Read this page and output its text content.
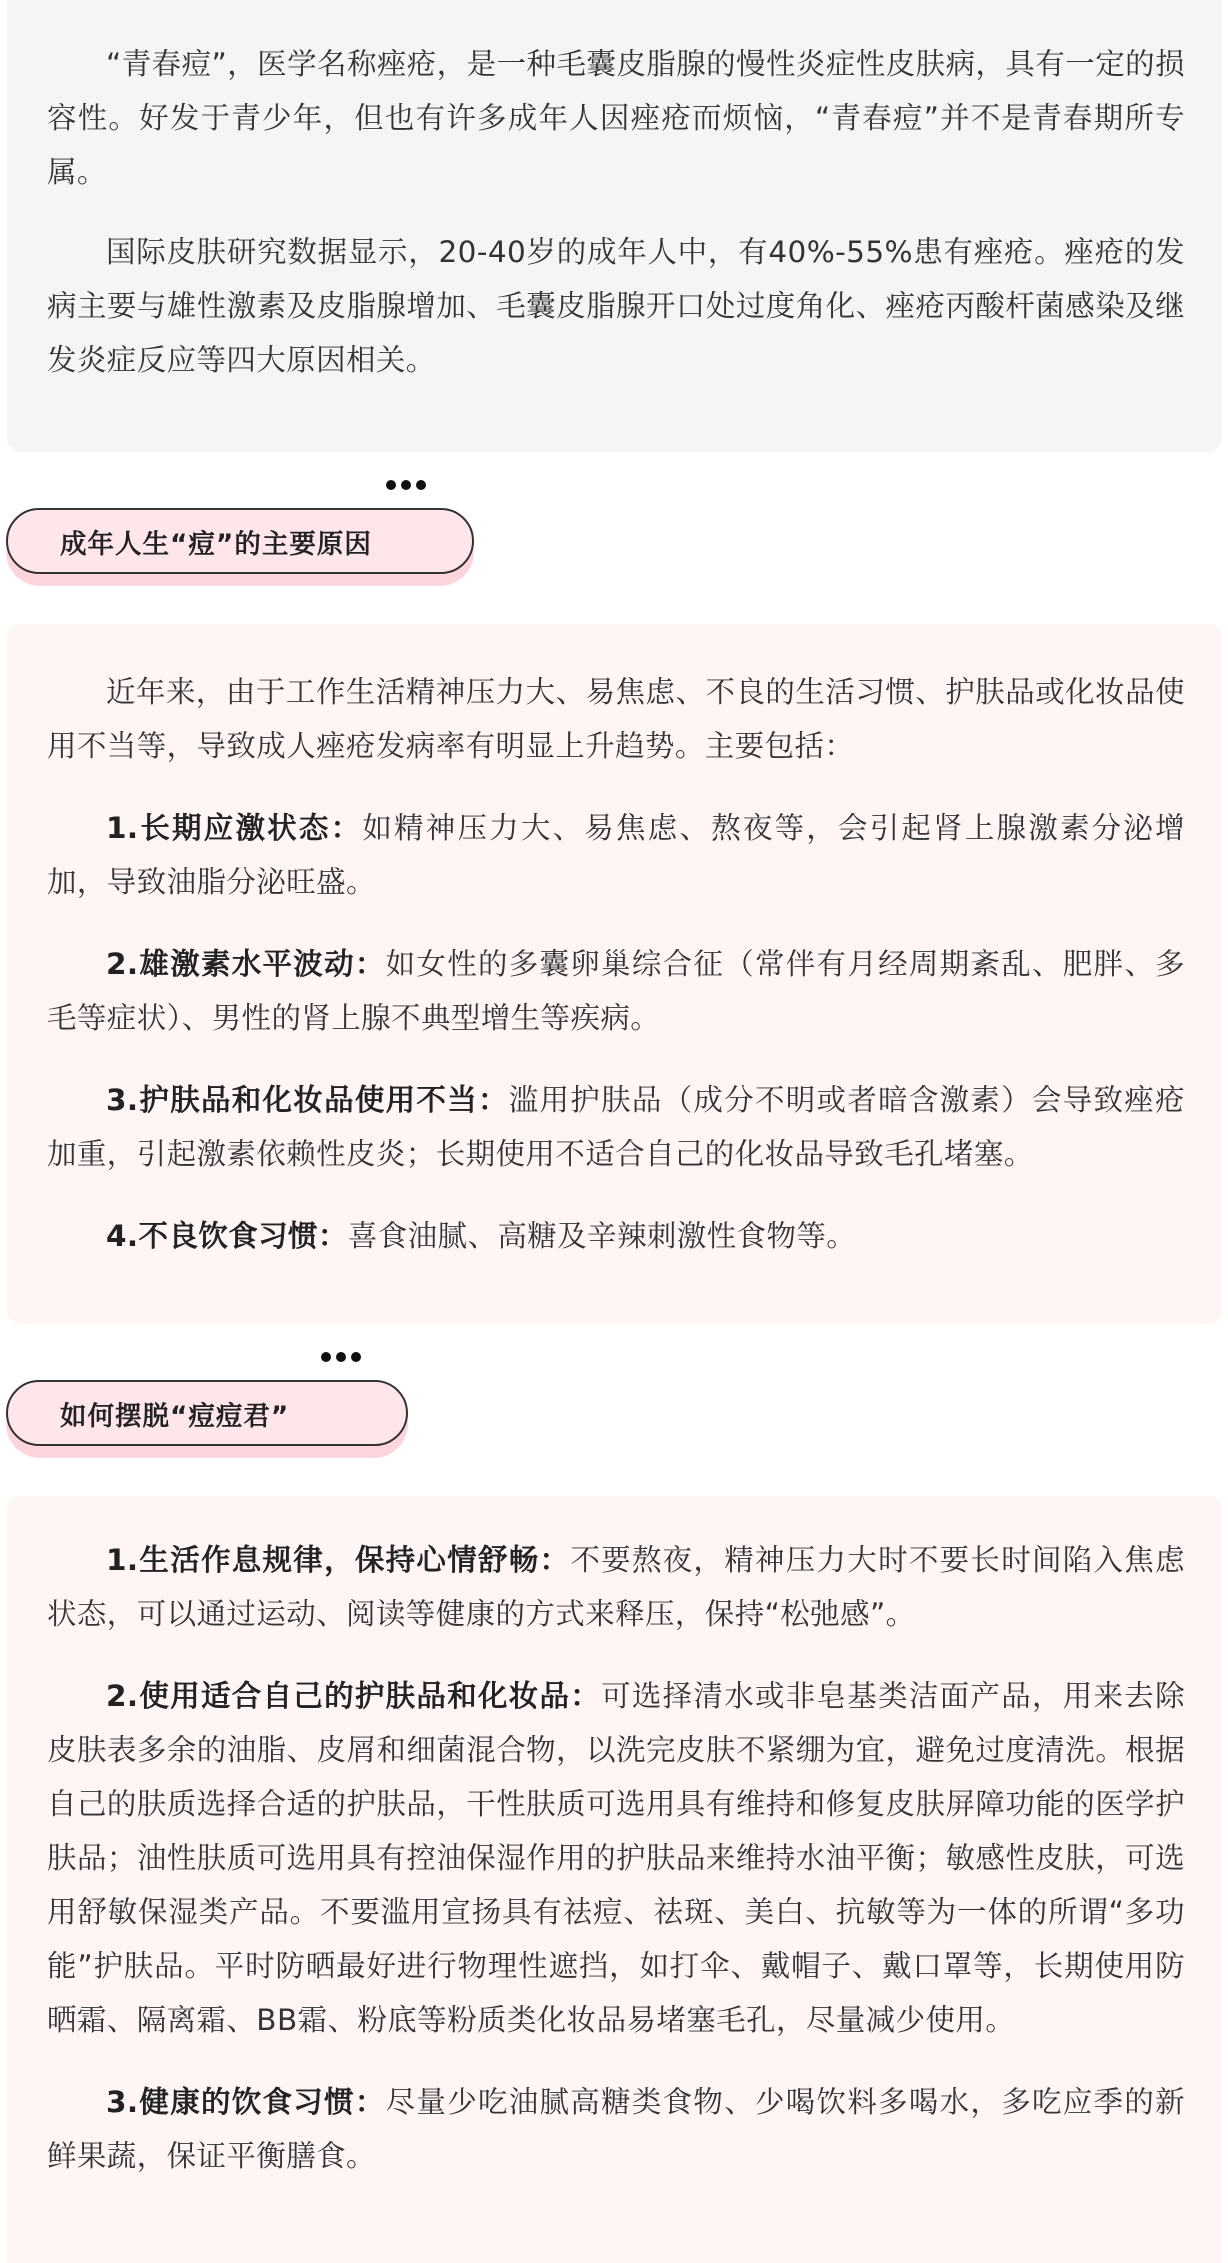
“青春痘”，医学名称痤疮，是一种毛囊皮脂腺的慢性炎症性皮肤病，具有一定的损容性。好发于青少年，但也有许多成年人因痤疮而烦恼，“青春痘”并不是青春期所专属。

国际皮肤研究数据显示，20-40岁的成年人中，有40%-55%患有痤疮。痤疮的发病主要与雄性激素及皮脂腺增加、毛囊皮脂腺开口处过度角化、痤疮丙酸杆菌感染及继发炎症反应等四大原因相关。

成年人生“痘”的主要原因

近年来，由于工作生活精神压力大、易焦虑、不良的生活习惯、护肤品或化妆品使用不当等，导致成人痤疮发病率有明显上升趋势。主要包括：

1.长期应激状态：如精神压力大、易焦虑、熬夜等，会引起肾上腺激素分泌增加，导致油脂分泌旺盛。

2.雄激素水平波动：如女性的多囊卵巢综合征（常伴有月经周期紊乱、肥胖、多毛等症状）、男性的肾上腺不典型增生等疾病。

3.护肤品和化妆品使用不当：滥用护肤品（成分不明或者暗含激素）会导致痤疮加重，引起激素依赖性皮炎；长期使用不适合自己的化妆品导致毛孔堵塞。

4.不良饮食习惯：喜食油腻、高糖及辛辣刺激性食物等。

如何摆脱“痘痘君”

1.生活作息规律，保持心情舒畅：不要熬夜，精神压力大时不要长时间陷入焦虑状态，可以通过运动、阅读等健康的方式来释压，保持“松弛感”。

2.使用适合自己的护肤品和化妆品：可选择清水或非皂基类洁面产品，用来去除皮肤表多余的油脂、皮屑和细菌混合物，以洗完皮肤不紧绷为宜，避免过度清洗。根据自己的肤质选择合适的护肤品，干性肤质可选用具有维持和修复皮肤屏障功能的医学护肤品；油性肤质可选用具有控油保湿作用的护肤品来维持水油平衡；敏感性皮肤，可选用舒敏保湿类产品。不要滥用宣扬具有祛痘、祛斑、美白、抗敏等为一体的所谓“多功能”护肤品。平时防晒最好进行物理性遮挡，如打伞、戴帽子、戴口罩等，长期使用防晒霜、隔离霜、BB霜、粉底等粉质类化妆品易堵塞毛孔，尽量减少使用。

3.健康的饮食习惯：尽量少吃油腻高糖类食物、少喝饮料多喝水，多吃应季的新鲜果蔬，保证平衡膳食。
